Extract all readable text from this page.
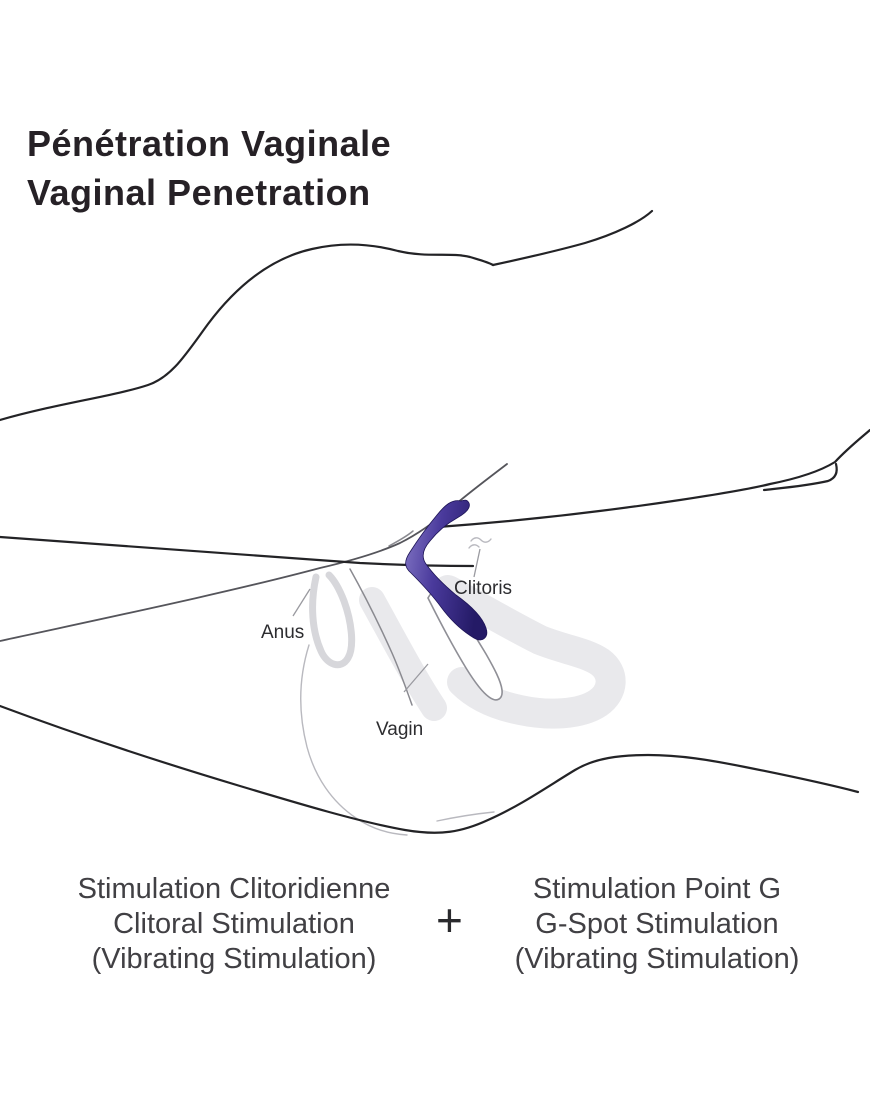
Pénétration Vaginale
Vaginal Penetration
Clitoris
Anus
Vagin
Stimulation Clitoridienne
Clitoral Stimulation
(Vibrating Stimulation)
+
Stimulation Point G
G-Spot Stimulation
(Vibrating Stimulation)
